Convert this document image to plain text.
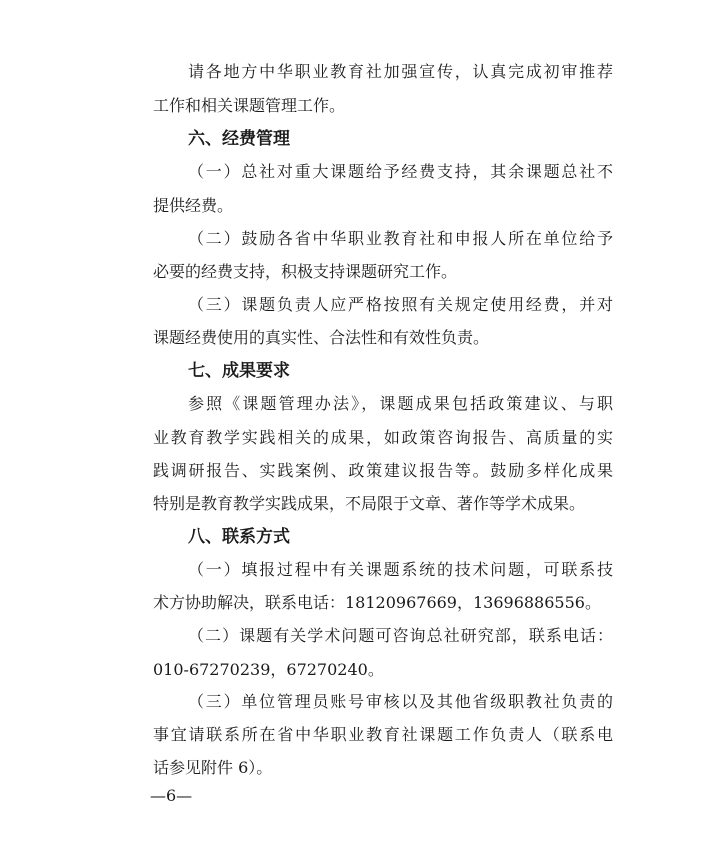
请各地方中华职业教育社加强宣传，认真完成初审推荐
工作和相关课题管理工作。
六、经费管理
（一）总社对重大课题给予经费支持，其余课题总社不
提供经费。
（二）鼓励各省中华职业教育社和申报人所在单位给予
必要的经费支持，积极支持课题研究工作。
（三）课题负责人应严格按照有关规定使用经费，并对
课题经费使用的真实性、合法性和有效性负责。
七、成果要求
参照《课题管理办法》，课题成果包括政策建议、与职
业教育教学实践相关的成果，如政策咨询报告、高质量的实
践调研报告、实践案例、政策建议报告等。鼓励多样化成果
特别是教育教学实践成果，不局限于文章、著作等学术成果。
八、联系方式
（一）填报过程中有关课题系统的技术问题，可联系技
术方协助解决，联系电话：18120967669，13696886556。
（二）课题有关学术问题可咨询总社研究部，联系电话：
010-67270239，67270240。
（三）单位管理员账号审核以及其他省级职教社负责的
事宜请联系所在省中华职业教育社课题工作负责人（联系电
话参见附件 6）。
—6—
